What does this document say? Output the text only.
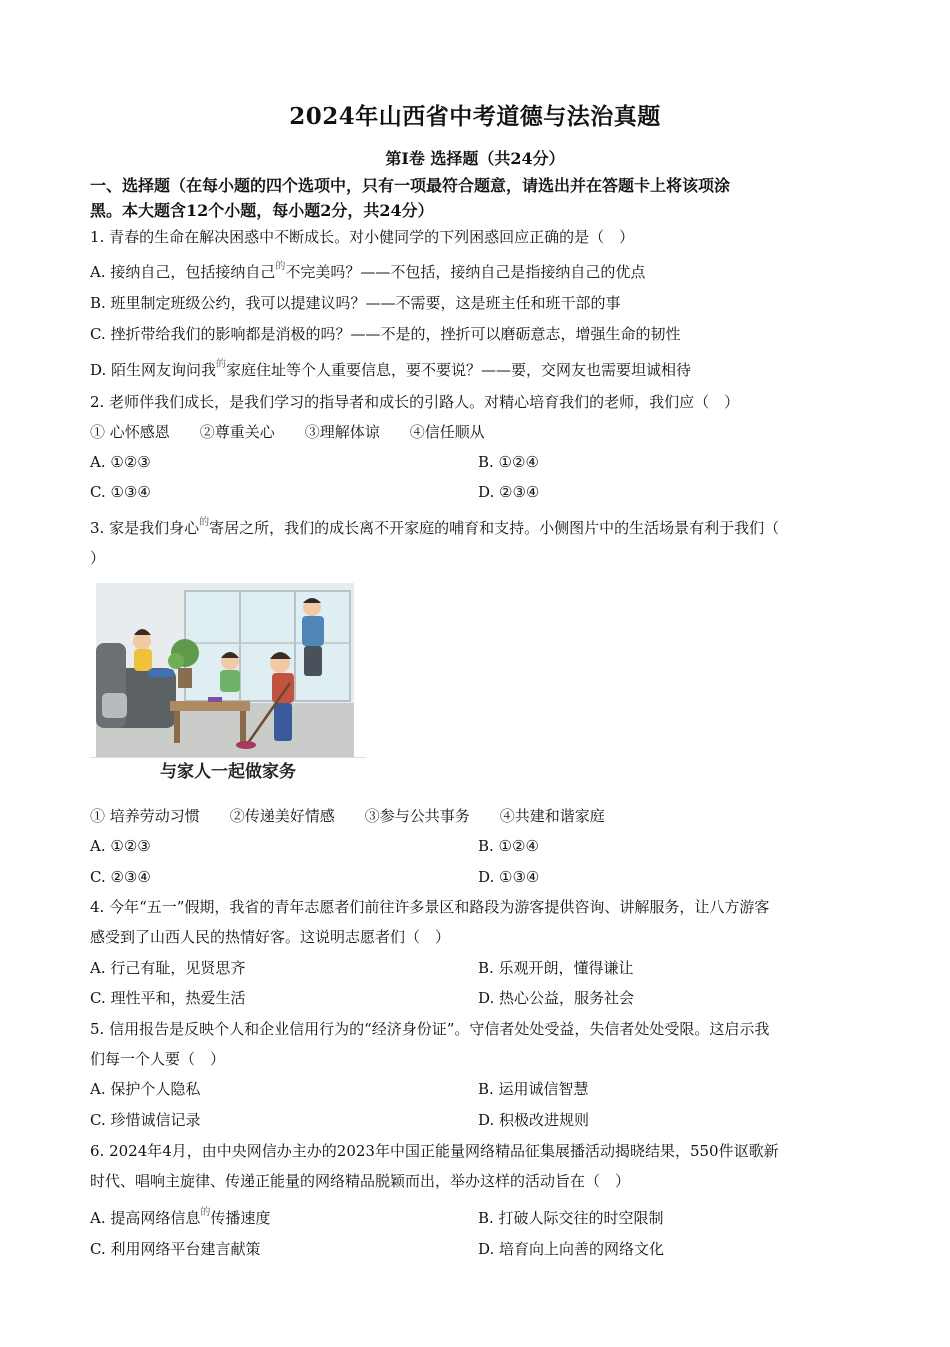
2024年山西省中考道德与法治真题
第Ⅰ卷 选择题（共24分）
一、选择题（在每小题的四个选项中，只有一项最符合题意，请选出并在答题卡上将该项涂
黑。本大题含12个小题，每小题2分，共24分）
1. 青春的生命在解决困惑中不断成长。对小健同学的下列困惑回应正确的是（　）
A. 接纳自己，包括接纳自己$^的$不完美吗？——不包括，接纳自己是指接纳自己的优点
B. 班里制定班级公约，我可以提建议吗？——不需要，这是班主任和班干部的事
C. 挫折带给我们的影响都是消极的吗？——不是的，挫折可以磨砺意志，增强生命的韧性
D. 陌生网友询问我$^的$家庭住址等个人重要信息，要不要说？——要，交网友也需要坦诚相待
2. 老师伴我们成长，是我们学习的指导者和成长的引路人。对精心培育我们的老师，我们应（　）
① 心怀感恩　　②尊重关心　　③理解体谅　　④信任顺从
A. ①②③	B. ①②④
C. ①③④	D. ②③④
3. 家是我们身心$^的$寄居之所，我们的成长离不开家庭的哺育和支持。小侧图片中的生活场景有利于我们（
）
与家人一起做家务
① 培养劳动习惯　　②传递美好情感　　③参与公共事务　　④共建和谐家庭
A. ①②③	B. ①②④
C. ②③④	D. ①③④
4. 今年“五一”假期，我省的青年志愿者们前往许多景区和路段为游客提供咨询、讲解服务，让八方游客
感受到了山西人民的热情好客。这说明志愿者们（　）
A. 行己有耻，见贤思齐	B. 乐观开朗，懂得谦让
C. 理性平和，热爱生活	D. 热心公益，服务社会
5. 信用报告是反映个人和企业信用行为的“经济身份证”。守信者处处受益，失信者处处受限。这启示我
们每一个人要（　）
A. 保护个人隐私	B. 运用诚信智慧
C. 珍惜诚信记录	D. 积极改进规则
6. 2024年4月，由中央网信办主办的2023年中国正能量网络精品征集展播活动揭晓结果，550件讴歌新
时代、唱响主旋律、传递正能量的网络精品脱颖而出，举办这样的活动旨在（　）
A. 提高网络信息$^的$传播速度	B. 打破人际交往的时空限制
C. 利用网络平台建言献策	D. 培育向上向善的网络文化
